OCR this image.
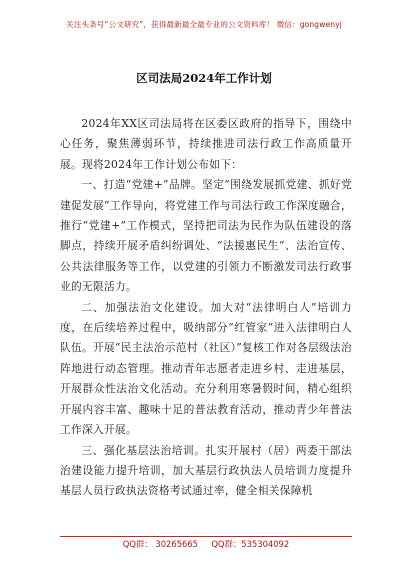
关注头条号“公文研究”，获得最新最全最专业的公文资料库！ 微信：gongwenyj
区司法局2024年工作计划

2024年XX区司法局将在区委区政府的指导下，围绕中心任务，聚焦薄弱环节，持续推进司法行政工作高质量开展。现将2024年工作计划公布如下：

一、打造“党建+”品牌。坚定“围绕发展抓党建、抓好党建促发展”工作导向，将党建工作与司法行政工作深度融合，推行“党建+”工作模式，坚持把司法为民作为队伍建设的落脚点，持续开展矛盾纠纷调处、“法援惠民生”、法治宣传、公共法律服务等工作，以党建的引领力不断激发司法行政事业的无限活力。

二、加强法治文化建设。加大对“法律明白人”培训力度，在后续培养过程中，吸纳部分“红管家”进入法律明白人队伍。开展“民主法治示范村（社区）”复核工作对各层级法治阵地进行动态管理。推动青年志愿者走进乡村、走进基层，开展群众性法治文化活动。充分利用寒暑假时间，精心组织开展内容丰富、趣味十足的普法教育活动，推动青少年普法工作深入开展。

三、强化基层法治培训。扎实开展村（居）两委干部法治建设能力提升培训，加大基层行政执法人员培训力度提升基层人员行政执法资格考试通过率，健全相关保障机

QQ群： 30265665     QQ群：535304092
